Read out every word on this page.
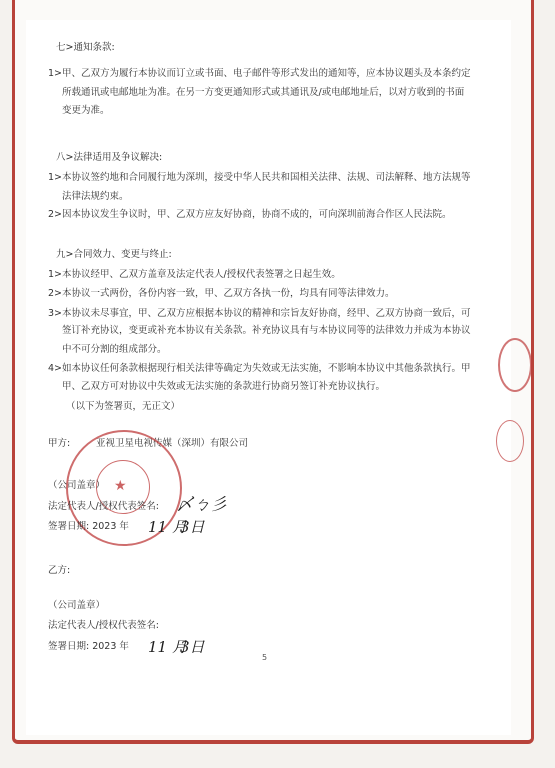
七>通知条款:
1>甲、乙双方为履行本协议而订立或书面、电子邮件等形式发出的通知等，应本协议题头及本条约定
所载通讯或电邮地址为准。在另一方变更通知形式或其通讯及/或电邮地址后，以对方收到的书面
变更为准。
八>法律适用及争议解决:
1>本协议签约地和合同履行地为深圳，接受中华人民共和国相关法律、法规、司法解释、地方法规等
法律法规约束。
2>因本协议发生争议时，甲、乙双方应友好协商，协商不成的，可向深圳前海合作区人民法院。
九>合同效力、变更与终止:
1>本协议经甲、乙双方盖章及法定代表人/授权代表签署之日起生效。
2>本协议一式两份，各份内容一致，甲、乙双方各执一份，均具有同等法律效力。
3>本协议未尽事宜，甲、乙双方应根据本协议的精神和宗旨友好协商，经甲、乙双方协商一致后，可
签订补充协议，变更或补充本协议有关条款。补充协议具有与本协议同等的法律效力并成为本协议
中不可分割的组成部分。
4>如本协议任何条款根据现行相关法律等确定为失效或无法实施，不影响本协议中其他条款执行。甲
甲、乙双方可对协议中失效或无法实施的条款进行协商另签订补充协议执行。
（以下为签署页，无正文）
甲方:	亚视卫星电视传媒（深圳）有限公司
★
（公司盖章）
法定代表人/授权代表签名: 〆ㄅ彡
签署日期: 2023 年 11 月
3日
乙方:
（公司盖章）
法定代表人/授权代表签名:
签署日期: 2023 年 11 月
3日
5
